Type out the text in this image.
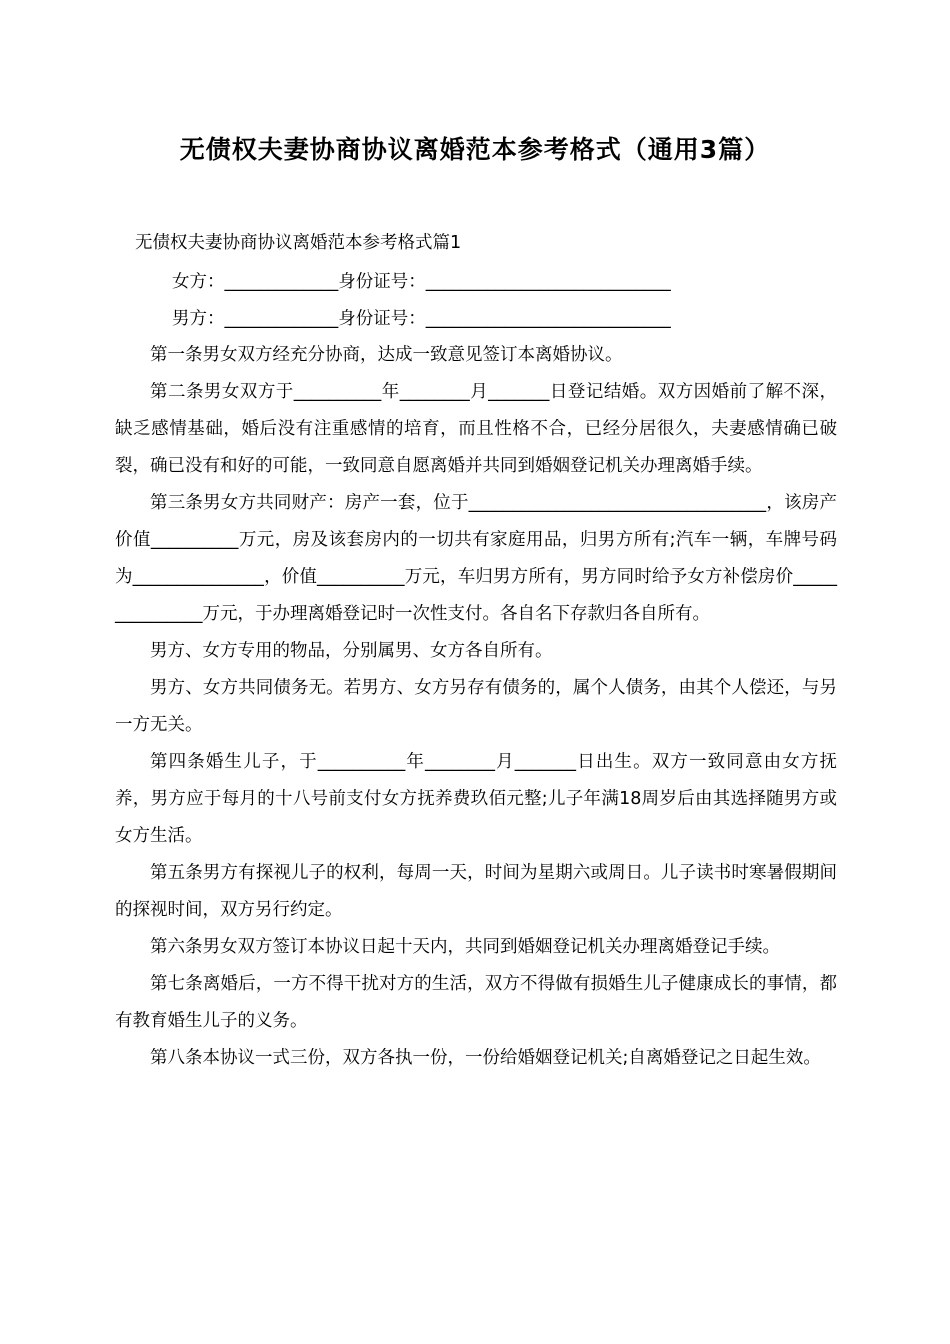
无债权夫妻协商协议离婚范本参考格式（通用3篇）
无债权夫妻协商协议离婚范本参考格式篇1
女方：_____________身份证号：____________________________
男方：_____________身份证号：____________________________

第一条男女双方经充分协商，达成一致意见签订本离婚协议。

第二条男女双方于__________年________月_______日登记结婚。双方因婚前了解不深，缺乏感情基础，婚后没有注重感情的培育，而且性格不合，已经分居很久，夫妻感情确已破裂，确已没有和好的可能，一致同意自愿离婚并共同到婚姻登记机关办理离婚手续。

第三条男女方共同财产：房产一套，位于__________________________________，该房产价值__________万元，房及该套房内的一切共有家庭用品，归男方所有;汽车一辆，车牌号码为_______________，价值__________万元，车归男方所有，男方同时给予女方补偿房价_______________万元，于办理离婚登记时一次性支付。各自名下存款归各自所有。

男方、女方专用的物品，分别属男、女方各自所有。

男方、女方共同债务无。若男方、女方另存有债务的，属个人债务，由其个人偿还，与另一方无关。

第四条婚生儿子，于__________年________月_______日出生。双方一致同意由女方抚养，男方应于每月的十八号前支付女方抚养费玖佰元整;儿子年满18周岁后由其选择随男方或女方生活。

第五条男方有探视儿子的权利，每周一天，时间为星期六或周日。儿子读书时寒暑假期间的探视时间，双方另行约定。

第六条男女双方签订本协议日起十天内，共同到婚姻登记机关办理离婚登记手续。

第七条离婚后，一方不得干扰对方的生活，双方不得做有损婚生儿子健康成长的事情，都有教育婚生儿子的义务。

第八条本协议一式三份，双方各执一份，一份给婚姻登记机关;自离婚登记之日起生效。
